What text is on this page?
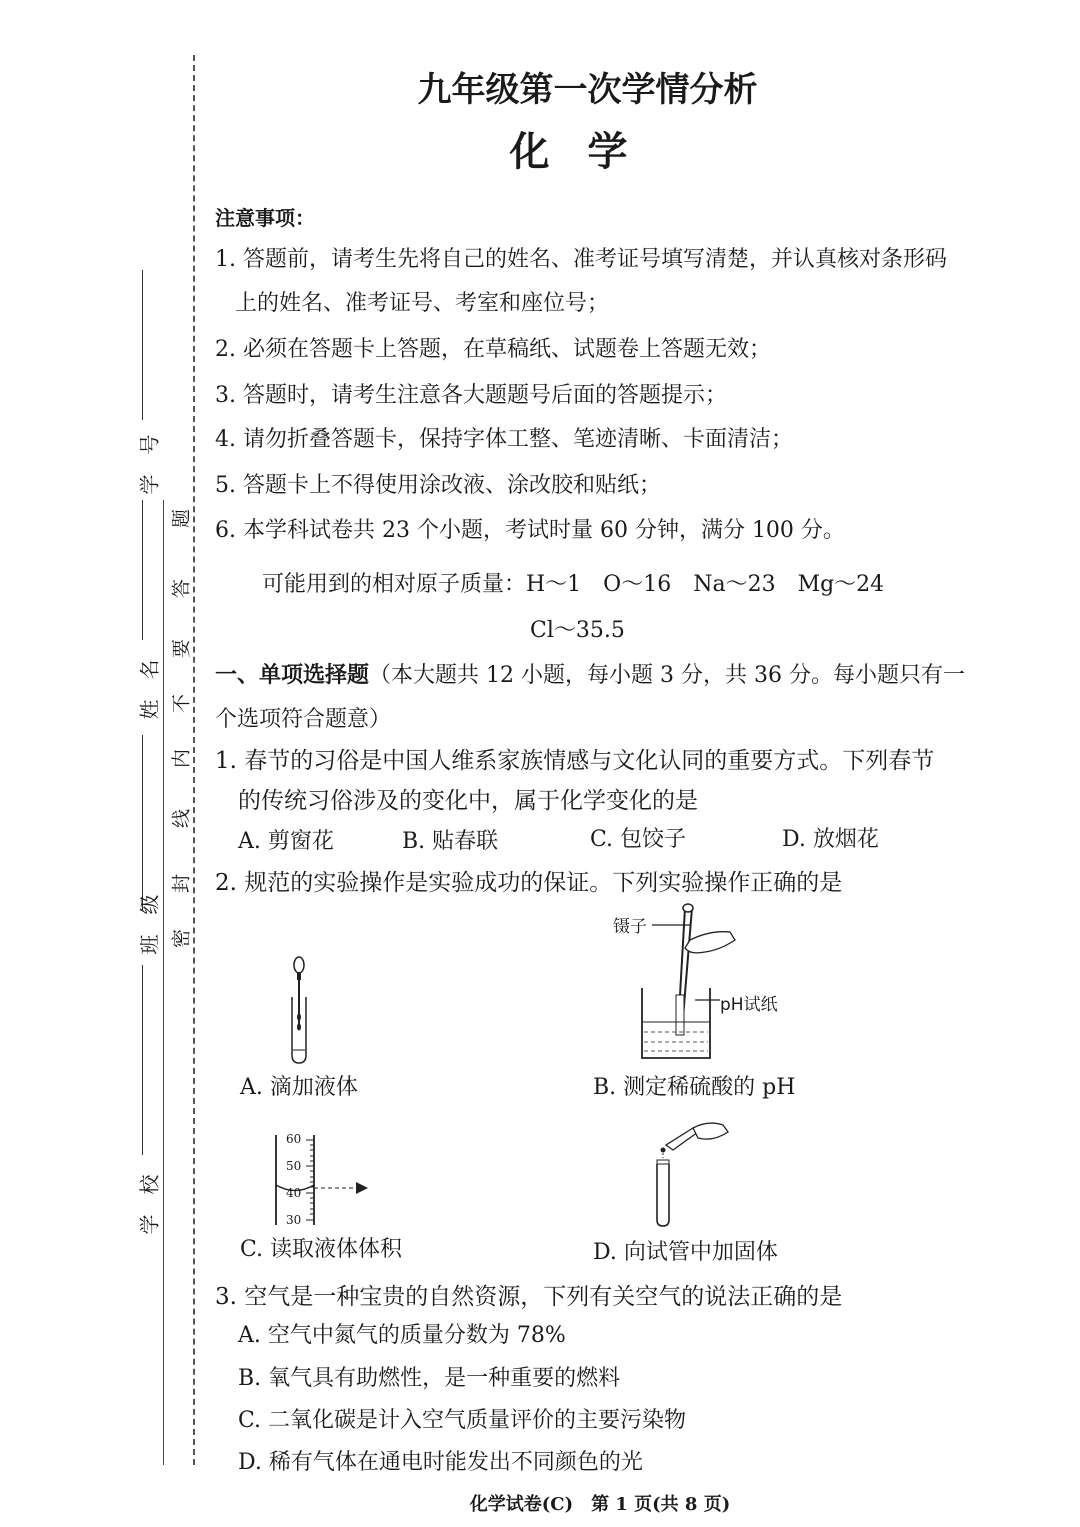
学号
姓名
班级
学校
题
答
要
不
内
线
封
密
九年级第一次学情分析
化学
注意事项：
1. 答题前，请考生先将自己的姓名、准考证号填写清楚，并认真核对条形码
上的姓名、准考证号、考室和座位号；
2. 必须在答题卡上答题，在草稿纸、试题卷上答题无效；
3. 答题时，请考生注意各大题题号后面的答题提示；
4. 请勿折叠答题卡，保持字体工整、笔迹清晰、卡面清洁；
5. 答题卡上不得使用涂改液、涂改胶和贴纸；
6. 本学科试卷共 23 个小题，考试时量 60 分钟，满分 100 分。
可能用到的相对原子质量：H～1　O～16　Na～23　Mg～24
Cl～35.5
一、单项选择题（本大题共 12 小题，每小题 3 分，共 36 分。每小题只有一
个选项符合题意）
1. 春节的习俗是中国人维系家族情感与文化认同的重要方式。下列春节
的传统习俗涉及的变化中，属于化学变化的是
A. 剪窗花	B. 贴春联	C. 包饺子	D. 放烟花
2. 规范的实验操作是实验成功的保证。下列实验操作正确的是
A. 滴加液体
镊子
pH试纸
B. 测定稀硫酸的 pH
60
50
40
30
C. 读取液体体积	D. 向试管中加固体
3. 空气是一种宝贵的自然资源，下列有关空气的说法正确的是
A. 空气中氮气的质量分数为 78%
B. 氧气具有助燃性，是一种重要的燃料
C. 二氧化碳是计入空气质量评价的主要污染物
D. 稀有气体在通电时能发出不同颜色的光
化学试卷(C)　第 1 页(共 8 页)
